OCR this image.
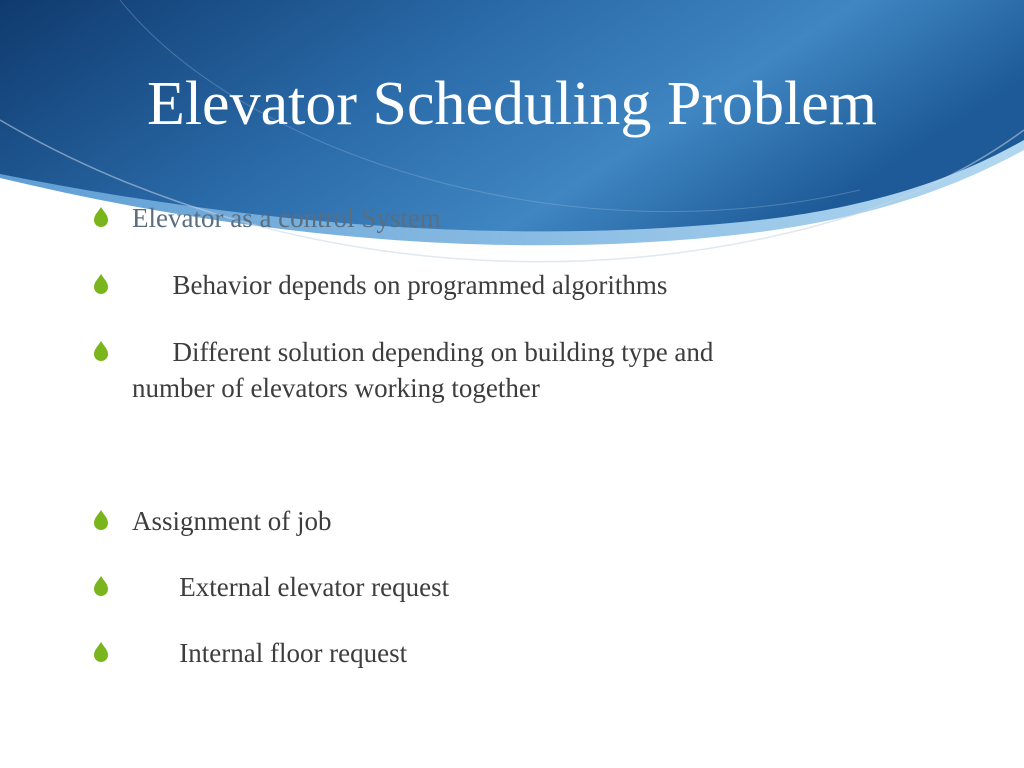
Elevator Scheduling Problem
Elevator as a control System
Behavior depends on programmed algorithms
Different solution depending on building type and
number of elevators working together
Assignment of job
External elevator request
Internal floor request
